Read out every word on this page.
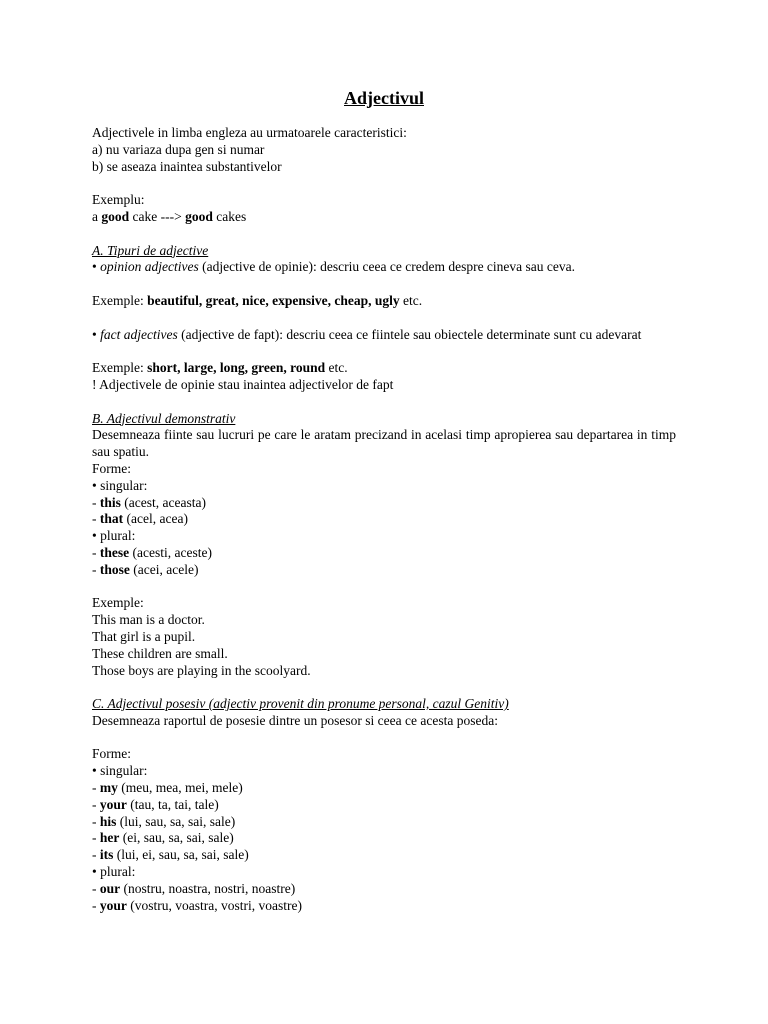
Adjectivul

Adjectivele in limba engleza au urmatoarele caracteristici:

a) nu variaza dupa gen si numar

b) se aseaza inaintea substantivelor

Exemplu:

a good cake ---> good cakes

A. Tipuri de adjective

• opinion adjectives (adjective de opinie): descriu ceea ce credem despre cineva sau ceva.

Exemple: beautiful, great, nice, expensive, cheap, ugly etc.

• fact adjectives (adjective de fapt): descriu ceea ce fiintele sau obiectele determinate sunt cu adevarat

Exemple: short, large, long, green, round etc.

! Adjectivele de opinie stau inaintea adjectivelor de fapt

B. Adjectivul demonstrativ

Desemneaza fiinte sau lucruri pe care le aratam precizand in acelasi timp apropierea sau departarea in timp sau spatiu.

Forme:

• singular:

- this (acest, aceasta)

- that (acel, acea)

• plural:

- these (acesti, aceste)

- those (acei, acele)

Exemple:

This man is a doctor.

That girl is a pupil.

These children are small.

Those boys are playing in the scoolyard.

C. Adjectivul posesiv (adjectiv provenit din pronume personal, cazul Genitiv)

Desemneaza raportul de posesie dintre un posesor si ceea ce acesta poseda:

Forme:

• singular:

- my (meu, mea, mei, mele)

- your (tau, ta, tai, tale)

- his (lui, sau, sa, sai, sale)

- her (ei, sau, sa, sai, sale)

- its (lui, ei, sau, sa, sai, sale)

• plural:

- our (nostru, noastra, nostri, noastre)

- your (vostru, voastra, vostri, voastre)
